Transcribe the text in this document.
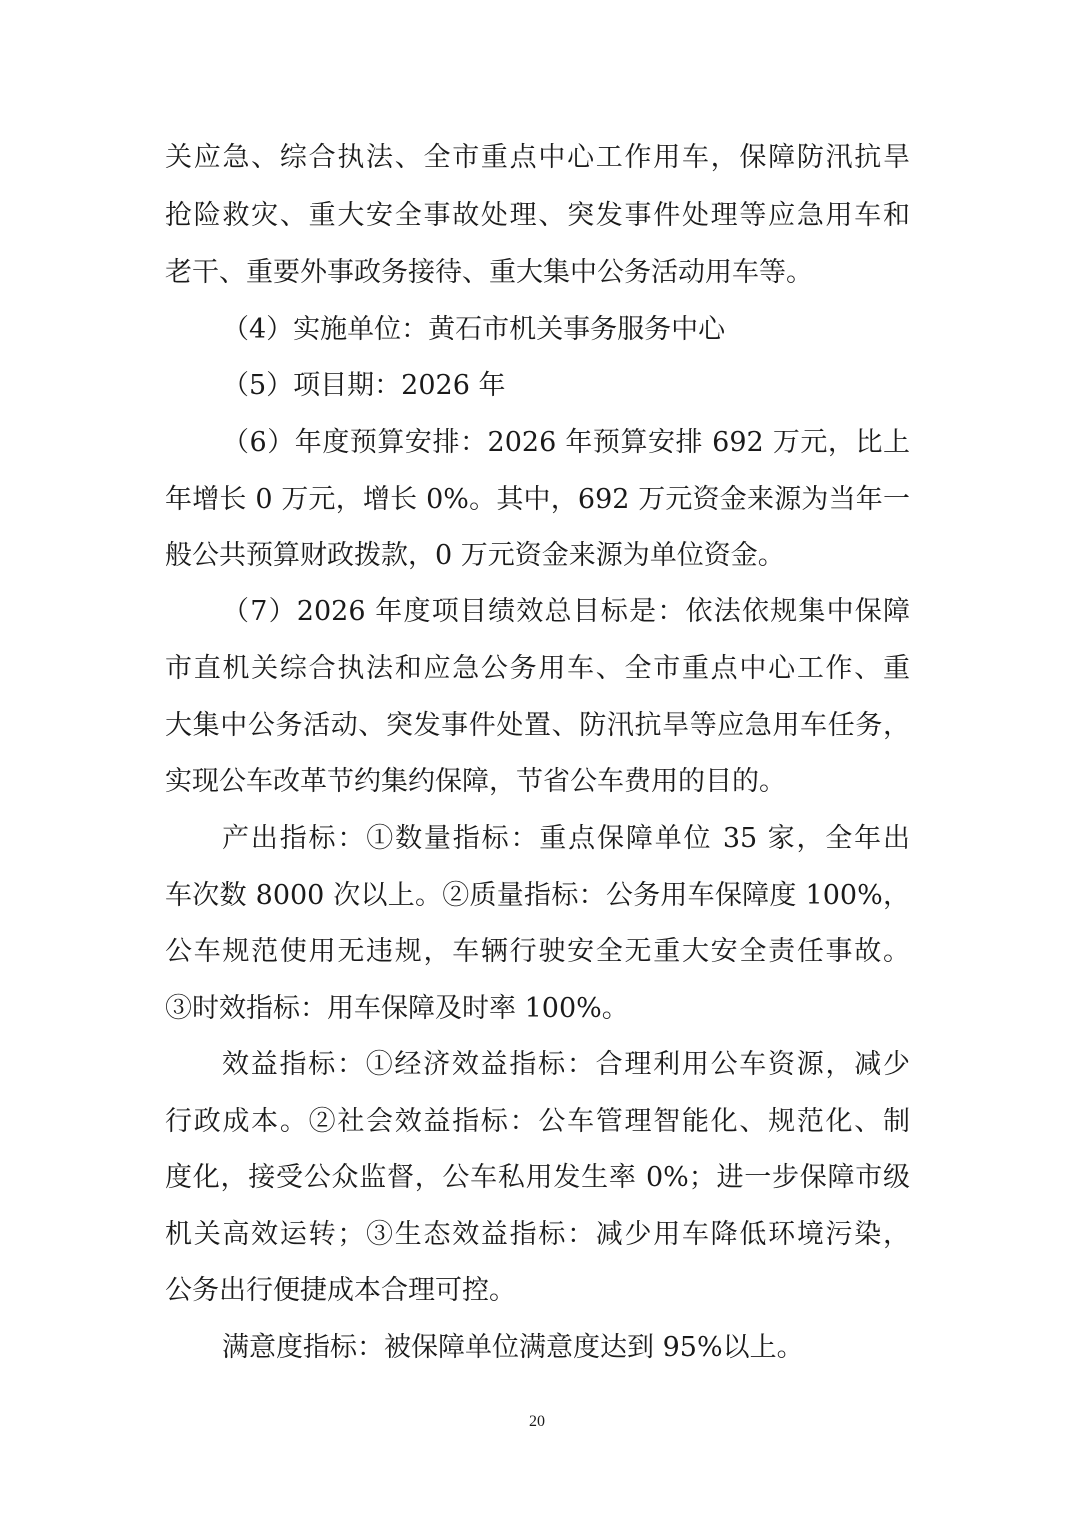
关应急、综合执法、全市重点中心工作用车，保障防汛抗旱
抢险救灾、重大安全事故处理、突发事件处理等应急用车和
老干、重要外事政务接待、重大集中公务活动用车等。
（4）实施单位：黄石市机关事务服务中心
（5）项目期：2026 年
（6）年度预算安排：2026 年预算安排 692 万元，比上
年增长 0 万元，增长 0%。其中，692 万元资金来源为当年一
般公共预算财政拨款，0 万元资金来源为单位资金。
（7）2026 年度项目绩效总目标是：依法依规集中保障
市直机关综合执法和应急公务用车、全市重点中心工作、重
大集中公务活动、突发事件处置、防汛抗旱等应急用车任务，
实现公车改革节约集约保障，节省公车费用的目的。
产出指标：①数量指标：重点保障单位 35 家，全年出
车次数 8000 次以上。②质量指标：公务用车保障度 100%，
公车规范使用无违规，车辆行驶安全无重大安全责任事故。
③时效指标：用车保障及时率 100%。
效益指标：①经济效益指标：合理利用公车资源，减少
行政成本。②社会效益指标：公车管理智能化、规范化、制
度化，接受公众监督，公车私用发生率 0%；进一步保障市级
机关高效运转；③生态效益指标：减少用车降低环境污染，
公务出行便捷成本合理可控。
满意度指标：被保障单位满意度达到 95%以上。
20
